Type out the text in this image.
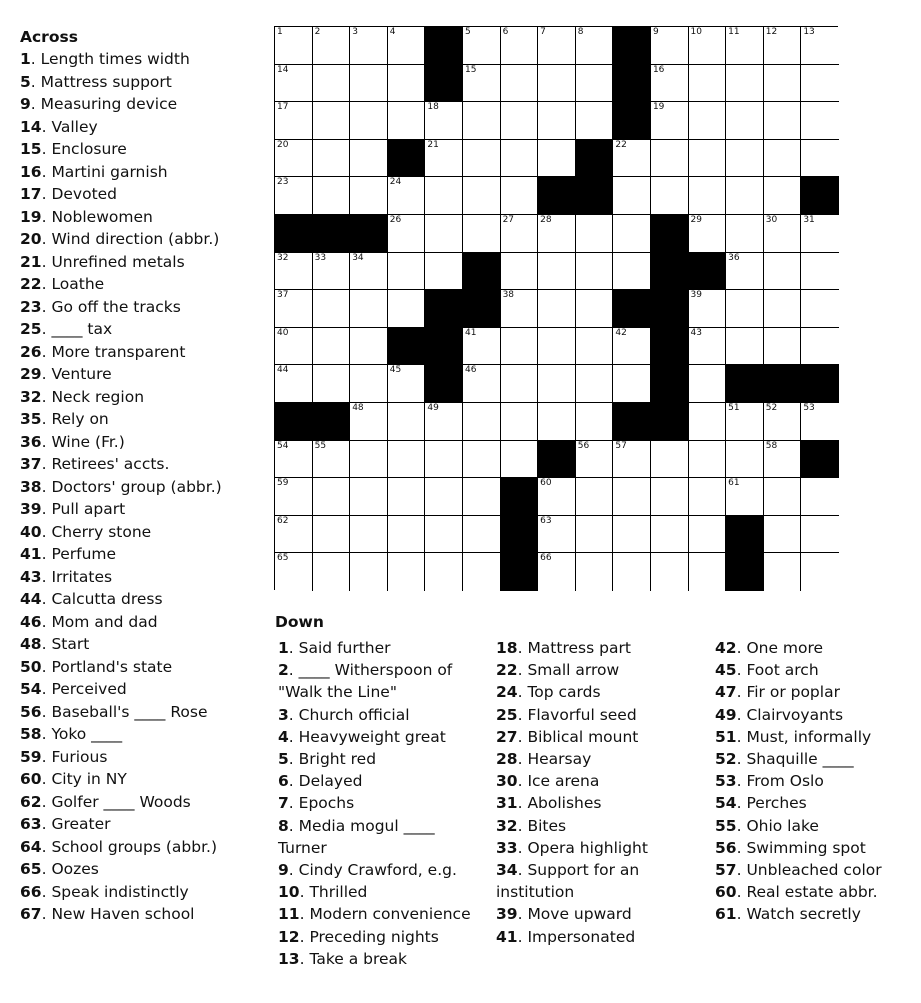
Across
1. Length times width
5. Mattress support
9. Measuring device
14. Valley
15. Enclosure
16. Martini garnish
17. Devoted
19. Noblewomen
20. Wind direction (abbr.)
21. Unrefined metals
22. Loathe
23. Go off the tracks
25. ____ tax
26. More transparent
29. Venture
32. Neck region
35. Rely on
36. Wine (Fr.)
37. Retirees' accts.
38. Doctors' group (abbr.)
39. Pull apart
40. Cherry stone
41. Perfume
43. Irritates
44. Calcutta dress
46. Mom and dad
48. Start
50. Portland's state
54. Perceived
56. Baseball's ____ Rose
58. Yoko ____
59. Furious
60. City in NY
62. Golfer ____ Woods
63. Greater
64. School groups (abbr.)
65. Oozes
66. Speak indistinctly
67. New Haven school
1	2	3	4	5	6	7	8	9	10	11	12	13
14	15	16
17	18	19
20	21	22
23	24
26	27	28	29	30	31
32	33	34	36
37	38	39
40	41	42	43
44	45	46
48	49	51	52	53
54	55	56	57	58
59	60	61
62	63
65	66
Down
1. Said further
2. ____ Witherspoon of "Walk the Line"
3. Church official
4. Heavyweight great
5. Bright red
6. Delayed
7. Epochs
8. Media mogul ____ Turner
9. Cindy Crawford, e.g.
10. Thrilled
11. Modern convenience
12. Preceding nights
13. Take a break
18. Mattress part
22. Small arrow
24. Top cards
25. Flavorful seed
27. Biblical mount
28. Hearsay
30. Ice arena
31. Abolishes
32. Bites
33. Opera highlight
34. Support for an institution
39. Move upward
41. Impersonated
42. One more
45. Foot arch
47. Fir or poplar
49. Clairvoyants
51. Must, informally
52. Shaquille ____
53. From Oslo
54. Perches
55. Ohio lake
56. Swimming spot
57. Unbleached color
60. Real estate abbr.
61. Watch secretly
